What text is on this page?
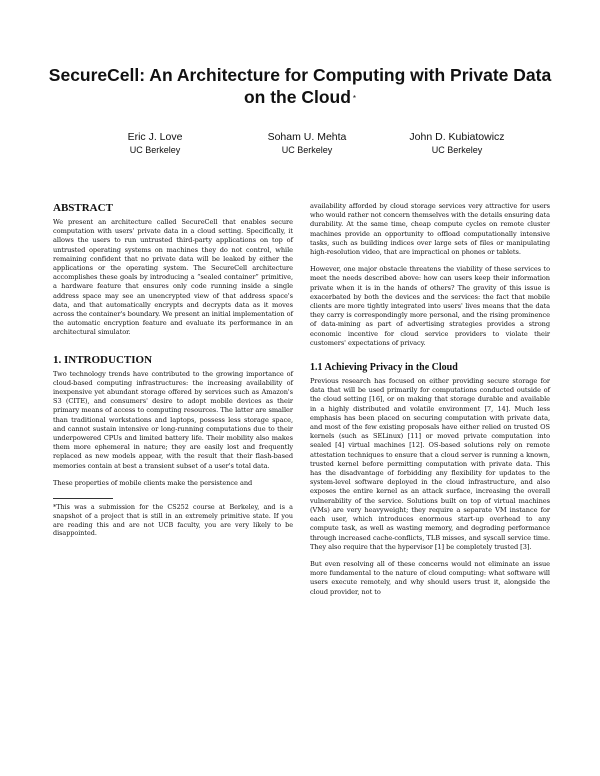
SecureCell: An Architecture for Computing with Private Data on the Cloud *
Eric J. Love
UC Berkeley
Soham U. Mehta
UC Berkeley
John D. Kubiatowicz
UC Berkeley
ABSTRACT

We present an architecture called SecureCell that enables secure computation with users' private data in a cloud setting. Specifically, it allows the users to run untrusted third-party applications on top of untrusted operating systems on machines they do not control, while remaining confident that no private data will be leaked by either the applications or the operating system. The SecureCell architecture accomplishes these goals by introducing a “sealed container” primitive, a hardware feature that ensures only code running inside a single address space may see an unencrypted view of that address space's data, and that automatically encrypts and decrypts data as it moves across the container's boundary. We present an initial implementation of the automatic encryption feature and evaluate its performance in an architectural simulator.

1. INTRODUCTION

Two technology trends have contributed to the growing importance of cloud-based computing infrastructures: the increasing availability of inexpensive yet abundant storage offered by services such as Amazon's S3 (CITE), and consumers' desire to adopt mobile devices as their primary means of access to computing resources. The latter are smaller than traditional workstations and laptops, possess less storage space, and cannot sustain intensive or long-running computations due to their underpowered CPUs and limited battery life. Their mobility also makes them more ephemeral in nature; they are easily lost and frequently replaced as new models appear, with the result that their flash-based memories contain at best a transient subset of a user's total data.

These properties of mobile clients make the persistence and

*This was a submission for the CS252 course at Berkeley, and is a snapshot of a project that is still in an extremely primitive state. If you are reading this and are not UCB faculty, you are very likely to be disappointed.

availability afforded by cloud storage services very attractive for users who would rather not concern themselves with the details ensuring data durability. At the same time, cheap compute cycles on remote cluster machines provide an opportunity to offload computationally intensive tasks, such as building indices over large sets of files or manipulating high-resolution video, that are impractical on phones or tablets.

However, one major obstacle threatens the viability of these services to meet the needs described above: how can users keep their information private when it is in the hands of others? The gravity of this issue is exacerbated by both the devices and the services: the fact that mobile clients are more tightly integrated into users' lives means that the data they carry is correspondingly more personal, and the rising prominence of data-mining as part of advertising strategies provides a strong economic incentive for cloud service providers to violate their customers' expectations of privacy.

1.1 Achieving Privacy in the Cloud

Previous research has focused on either providing secure storage for data that will be used primarily for computations conducted outside of the cloud setting [16], or on making that storage durable and available in a highly distributed and volatile environment [7, 14]. Much less emphasis has been placed on securing computation with private data, and most of the few existing proposals have either relied on trusted OS kernels (such as SELinux) [11] or moved private computation into sealed [4] virtual machines [12]. OS-based solutions rely on remote attestation techniques to ensure that a cloud server is running a known, trusted kernel before permitting computation with private data. This has the disadvantage of forbidding any flexibility for updates to the system-level software deployed in the cloud infrastructure, and also exposes the entire kernel as an attack surface, increasing the overall vulnerability of the service. Solutions built on top of virtual machines (VMs) are very heavyweight; they require a separate VM instance for each user, which introduces enormous start-up overhead to any compute task, as well as wasting memory, and degrading performance through increased cache-conflicts, TLB misses, and syscall service time. They also require that the hypervisor [1] be completely trusted [3].

But even resolving all of these concerns would not eliminate an issue more fundamental to the nature of cloud computing: what software will users execute remotely, and why should users trust it, alongside the cloud provider, not to
